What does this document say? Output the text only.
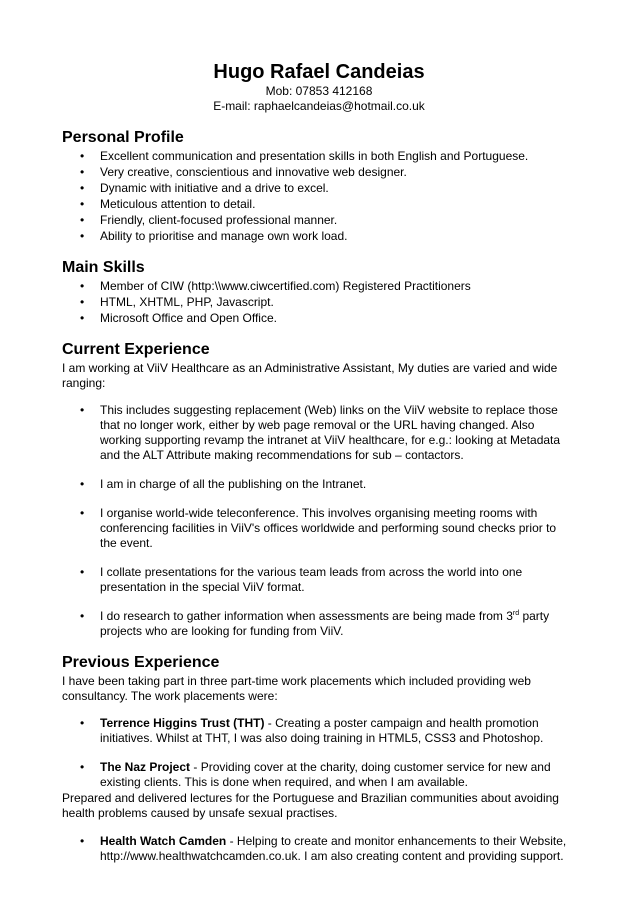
Hugo Rafael Candeias
Mob: 07853 412168
E-mail: raphaelcandeias@hotmail.co.uk
Personal Profile
• Excellent communication and presentation skills in both English and Portuguese.
• Very creative, conscientious and innovative web designer.
• Dynamic with initiative and a drive to excel.
• Meticulous attention to detail.
• Friendly, client-focused professional manner.
• Ability to prioritise and manage own work load.
Main Skills
• Member of CIW (http:\\www.ciwcertified.com) Registered Practitioners
• HTML, XHTML, PHP, Javascript.
• Microsoft Office and Open Office.
Current Experience
I am working at ViiV Healthcare as an Administrative Assistant, My duties are varied and wide ranging:
• This includes suggesting replacement (Web) links on the ViiV website to replace those that no longer work, either by web page removal or the URL having changed. Also working supporting revamp the intranet at ViiV healthcare, for e.g.: looking at Metadata and the ALT Attribute making recommendations for sub – contactors.
• I am in charge of all the publishing on the Intranet.
• I organise world-wide teleconference. This involves organising meeting rooms with conferencing facilities in ViiV's offices worldwide and performing sound checks prior to the event.
• I collate presentations for the various team leads from across the world into one presentation in the special ViiV format.
• I do research to gather information when assessments are being made from 3rd party projects who are looking for funding from ViiV.
Previous Experience
I have been taking part in three part-time work placements which included providing web consultancy. The work placements were:
• Terrence Higgins Trust (THT) - Creating a poster campaign and health promotion initiatives. Whilst at THT, I was also doing training in HTML5, CSS3 and Photoshop.
• The Naz Project - Providing cover at the charity, doing customer service for new and existing clients. This is done when required, and when I am available.
Prepared and delivered lectures for the Portuguese and Brazilian communities about avoiding health problems caused by unsafe sexual practises.
• Health Watch Camden - Helping to create and monitor enhancements to their Website, http://www.healthwatchcamden.co.uk. I am also creating content and providing support.
